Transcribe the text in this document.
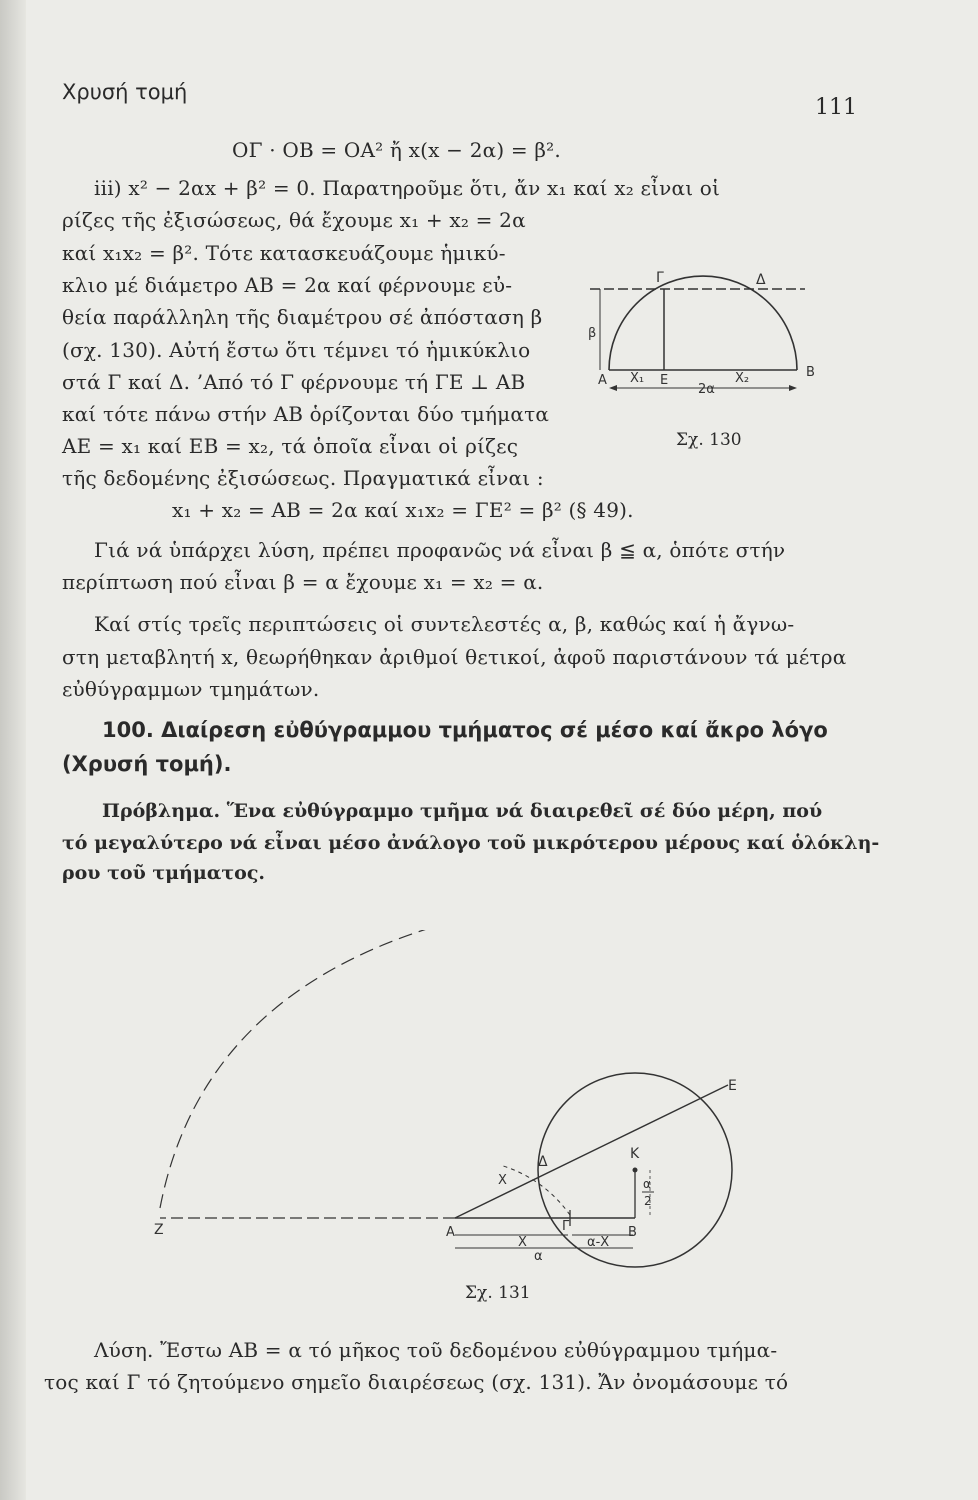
Χρυσή τομή
111
ΟΓ · ΟΒ = ΟΑ² ἤ x(x − 2α) = β².
iii) x² − 2αx + β² = 0. Παρατηροῦμε ὅτι, ἄν x₁ καί x₂ εἶναι οἱ
ρίζες τῆς ἐξισώσεως, θά ἔχουμε x₁ + x₂ = 2α
καί x₁x₂ = β². Τότε κατασκευάζουμε ἡμικύ-
κλιο μέ διάμετρο ΑΒ = 2α καί φέρνουμε εὐ-
θεία παράλληλη τῆς διαμέτρου σέ ἀπόσταση β
(σχ. 130). Αὐτή ἔστω ὅτι τέμνει τό ἡμικύκλιο
στά Γ καί Δ. ’Από τό Γ φέρνουμε τή ΓΕ ⊥ ΑΒ
καί τότε πάνω στήν ΑΒ ὁρίζονται δύο τμήματα
ΑΕ = x₁ καί ΕΒ = x₂, τά ὁποῖα εἶναι οἱ ρίζες
τῆς δεδομένης ἐξισώσεως. Πραγματικά εἶναι :
x₁ + x₂ = ΑΒ = 2α καί x₁x₂ = ΓΕ² = β² (§ 49).
Γιά νά ὑπάρχει λύση, πρέπει προφανῶς νά εἶναι β ≦ α, ὁπότε στήν
περίπτωση πού εἶναι β = α ἔχουμε x₁ = x₂ = α.
Καί στίς τρεῖς περιπτώσεις οἱ συντελεστές α, β, καθώς καί ἡ ἄγνω-
στη μεταβλητή x, θεωρήθηκαν ἀριθμοί θετικοί, ἀφοῦ παριστάνουν τά μέτρα
εὐθύγραμμων τμημάτων.
100. Διαίρεση εὐθύγραμμου τμήματος σέ μέσο καί ἄκρο λόγο
(Χρυσή τομή).
Πρόβλημα. Ἕνα εὐθύγραμμο τμῆμα νά διαιρεθεῖ σέ δύο μέρη, πού
τό μεγαλύτερο νά εἶναι μέσο ἀνάλογο τοῦ μικρότερου μέρους καί ὁλόκλη-
ρου τοῦ τμήματος.
Λύση. Ἔστω ΑΒ = α τό μῆκος τοῦ δεδομένου εὐθύγραμμου τμήμα-
τος καί Γ τό ζητούμενο σημεῖο διαιρέσεως (σχ. 131). Ἄν ὀνομάσουμε τό
Γ	Δ
β
Α X₁ Ε	X₂	Β
2α
Σχ. 130
Ζ	Α	Γ	Β
Δ
Ε
Κ
X	α
2
X	α-X
α
Σχ. 131
